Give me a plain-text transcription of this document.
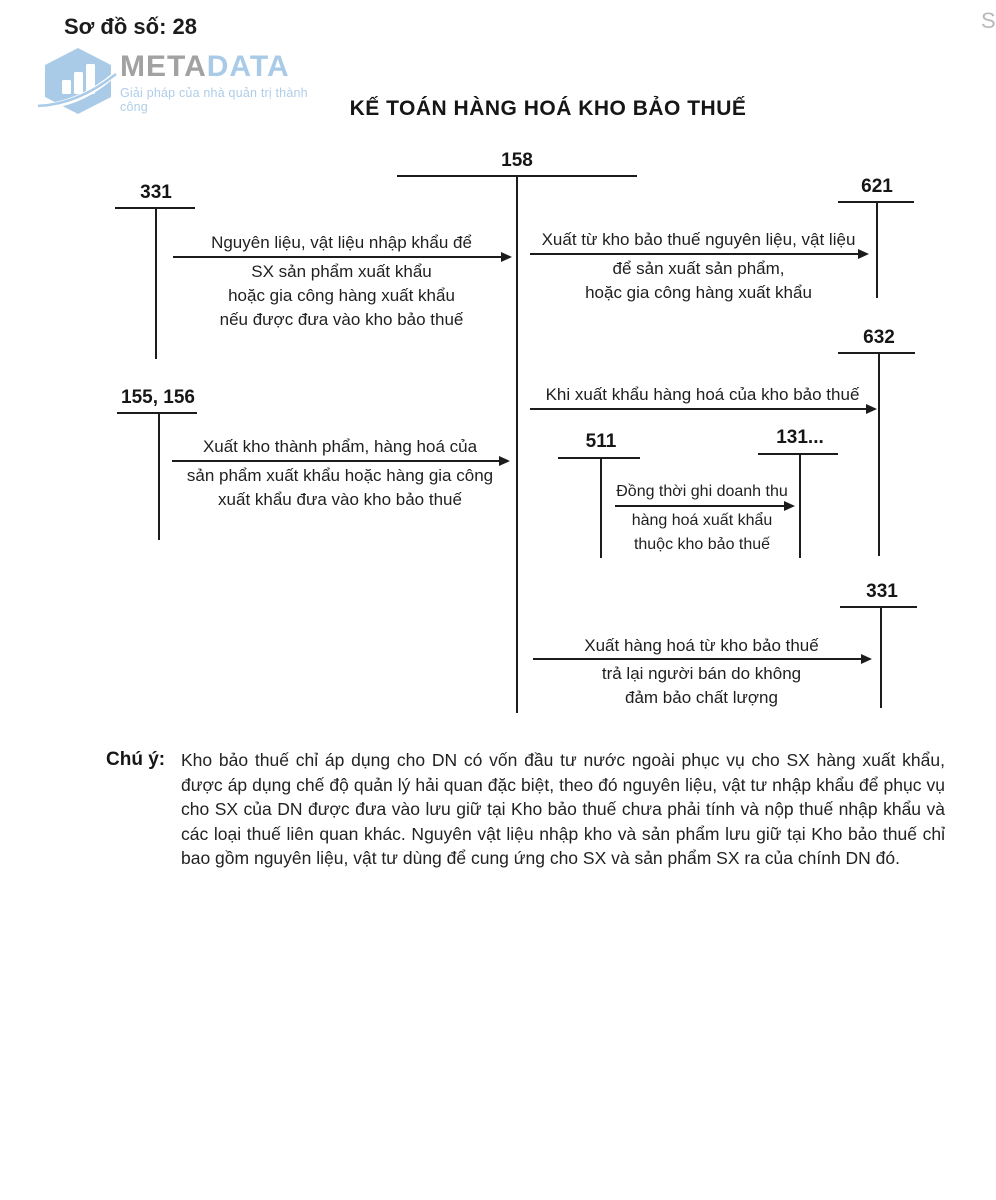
Sơ đồ số: 28	S
METADATA
Giải pháp của nhà quản trị thành công	KẾ TOÁN HÀNG HOÁ KHO BẢO THUẾ
331
155, 156
158
621
632
511	131...
331
Nguyên liệu, vật liệu nhập khẩu để
SX sản phẩm xuất khẩu
hoặc gia công hàng xuất khẩu
nếu được đưa vào kho bảo thuế
Xuất từ kho bảo thuế nguyên liệu, vật liệu
để sản xuất sản phẩm,
hoặc gia công hàng xuất khẩu
Khi xuất khẩu hàng hoá của kho bảo thuế
Xuất kho thành phẩm, hàng hoá của
sản phẩm xuất khẩu hoặc hàng gia công
xuất khẩu đưa vào kho bảo thuế	Đồng thời ghi doanh thu
hàng hoá xuất khẩu
thuộc kho bảo thuế
Xuất hàng hoá từ kho bảo thuế
trả lại người bán do không
đảm bảo chất lượng
Chú ý: Kho bảo thuế chỉ áp dụng cho DN có vốn đầu tư nước ngoài phục vụ cho SX hàng xuất khẩu, được áp dụng chế độ quản lý hải quan đặc biệt, theo đó nguyên liệu, vật tư nhập khẩu để phục vụ cho SX của DN được đưa vào lưu giữ tại Kho bảo thuế chưa phải tính và nộp thuế nhập khẩu và các loại thuế liên quan khác. Nguyên vật liệu nhập kho và sản phẩm lưu giữ tại Kho bảo thuế chỉ bao gồm nguyên liệu, vật tư dùng để cung ứng cho SX và sản phẩm SX ra của chính DN đó.
